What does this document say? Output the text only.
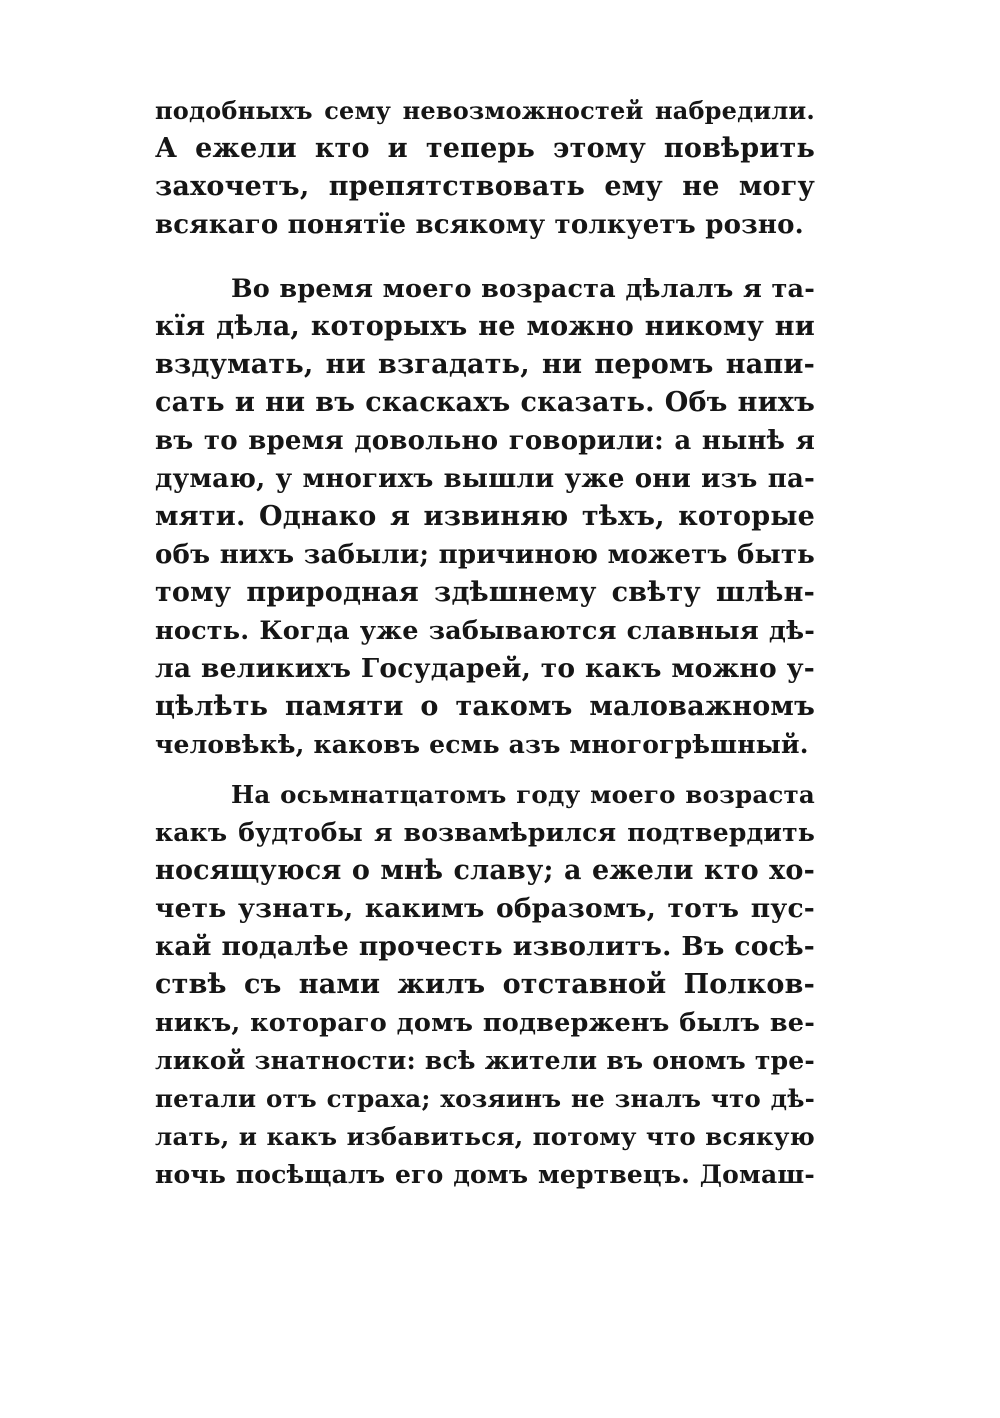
подобныхъ сему невозможностей набредили.
А ежели кто и теперь этому повѣрить
захочетъ, препятствовать ему не могу
всякаго понятїе всякому толкуетъ розно.
Во время моего возраста дѣлалъ я та-
кїя дѣла, которыхъ не можно никому ни
вздумать, ни взгадать, ни перомъ напи-
сать и ни въ скаскахъ сказать. Объ нихъ
въ то время довольно говорили: а нынѣ я
думаю, у многихъ вышли уже они изъ па-
мяти. Однако я извиняю тѣхъ, которые
объ нихъ забыли; причиною можетъ быть
тому природная здѣшнему свѣту шлѣн-
ность. Когда уже забываются славныя дѣ-
ла великихъ Государей, то какъ можно у-
цѣлѣть памяти о такомъ маловажномъ
человѣкѣ, каковъ есмь азъ многогрѣшный.
На осьмнатцатомъ году моего возраста
какъ будтобы я возвамѣрился подтвердить
носящуюся о мнѣ славу; а ежели кто хо-
четь узнать, какимъ образомъ, тотъ пус-
кай подалѣе прочесть изволитъ. Въ сосѣ-
ствѣ съ нами жилъ отставной Полков-
никъ, котораго домъ подверженъ былъ ве-
ликой знатности: всѣ жители въ ономъ тре-
петали отъ страха; хозяинъ не зналъ что дѣ-
лать, и какъ избавиться, потому что всякую
ночь посѣщалъ его домъ мертвецъ. Домаш-
